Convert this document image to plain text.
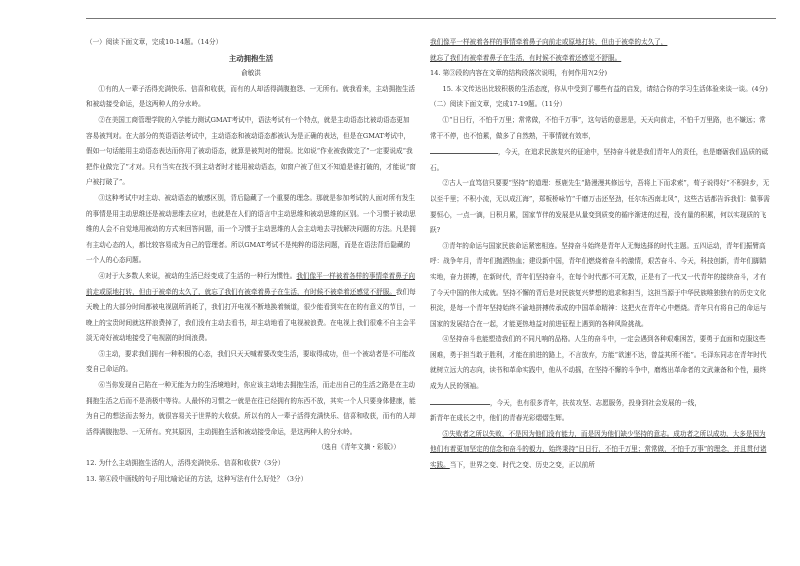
（一）阅读下面文章，完成10-14题。（14分）

主动拥抱生活

俞敏洪

①有的人一辈子活得充满快乐、信喜和收获，而有的人却活得满腹抱怨、一无所有。就我看来，主动拥抱生活和被动接受命运，是这两种人的分水岭。

②在美国工商管理学院的入学能力测试GMAT考试中，语法考试有一个特点，就是主动语态比被动语态更加容易被判对。在大部分的英语语法考试中，主动语态和被动语态都被认为是正确的表达，但是在GMAT考试中，假如一句话能用主动语态表达而你用了被动语态，就算是被判对的错误。比如说“作业被我做完了”一定要说成“我把作业做完了”才对。只有当实在找不到主动者时才能用被动语态，如窗户被了但又不知道是谁打破的，才能说“窗户被打破了”。

③这种考试中对主动、被动语态的敏感区别，背后隐藏了一个重要的理念。那就是参加考试的人面对所有发生的事情是用主动思维还是被动思维去应对，也就是在人们的语言中主动思维和被动思维的区别。一个习惯于被动思维的人会不自觉地用被动的方式来回答问题，而一个习惯于主动思维的人会主动地去寻找解决问题的方法。凡是拥有主动心态的人，都比较容易成为自己的管理者。所以GMAT考试不是纯粹的语法问题，而是在语法背后隐藏的一个人的心态问题。

④对于大多数人来说，被动的生活已经变成了生活的一种行为惯性。我们像平一样被着各样的事情牵着鼻子向前走或原地打转，但由于被牵的太久了，就忘了我们有被牵着鼻子在生活，有时候不被牵着还感觉不舒服。我们每天晚上的大部分时间都被电视剧所消耗了，我们打开电视不断地换着频道，很少能看到实在在的有意义的节目，一晚上的宝贵时间就这样浪费掉了，我们没有主动去看书，却主动地看了电视被浪费。在电视上我们很难不自主会平淡无奇好被动地接受了电视剧的时间浪费。

⑤主动，要求我们拥有一种积极的心态，我们只天天喊着要改变生活，要取得成功，但一个被动者是不可能改变自己命运的。

⑥当你发现自己陷在一种无能为力的生活境地时，你应该主动地去拥抱生活，而走出自己的生活之路是在主动拥抱生活之后而不是消极中等待。人最怀的习惯之一就是在往已经拥有的东西不放，其实一个人只要身体健康，能为自己的想法而去努力，就很容易关于世界的大收获。所以有的人一辈子活得充满快乐、信喜和收获，而有的人却活得满腹抱怨、一无所有。究其原因，主动拥抱生活和被动接受命运，是这两种人的分水岭。

（选自《青年文摘・彩版》）

12. 为什么主动拥抱生活的人，活得充满快乐、信喜和收获?（3分）

13. 第④段中画线的句子用比喻论证的方法，这种写法有什么好处？（3分）

我们像平一样被着各样的事情牵着鼻子向前走或原地打转，但由于被牵的太久了，

就忘了我们有被牵着鼻子在生活，有时候不被牵着还感觉不舒服。

14. 第③段的内容在文章的结构段落次说明，有何作用?(2分)

15. 本文传达出比较积极的生活态度，你从中受到了哪些有益的启发，请结合你的学习生活体验来谈一谈。(4分)

（二）阅读下面文章，完成17-19题。（11分）

①“日日行，不怕千万里；常常做，不怕千万事”，这句话的意思是，天天向前走，不怕千万里路，也不嫌远；常常干不停，也不怕累，做多了自然熟，干事情就有效率，

，今天，在追求民族复兴的征途中，坚持奋斗就是我们青年人的责任，也是磨砺我们品质的砥石。

②古人一直笃信只要要“坚持”的道理：蔡鹿先生“路漫漫其修远兮，吾将上下而求索”，荀子说得好“不积跬步，无以至千里；不积小流，无以成江海”，郑板桥咏竹“千磨万击还坚劲，任尔东西南北风”，这些古话都告诉我们：做事需要恒心，一点一滴，日积月累，国家节伴的发展是从量变到质变的循序渐进的过程，没有量的积累，何以实现质的飞跃?

③青年的命运与国家民族命运紧密相连。坚持奋斗始终是青年人无悔选择的时代主题。五四运动，青年们振臂高呼：战争年月，青年们抛洒热血；建设新中国，青年们燃烧着奋斗的激情，艰苦奋斗、今天，科技创新，青年们脚踏实地，奋力拼搏，在新时代，青年们坚持奋斗，在每个时代都不可无数，正是有了一代又一代青年的接续奋斗，才有了今天中国的伟大成就。坚持不懈的背后是对民族复兴梦想的追求和担当，这担当源于中华民族唯独独有的历史文化积淀，是每一个青年坚持始终不渝地拼搏传承成的中国革命精神：这把火在青年心中燃烧。青年只有将自己的命运与国家的发展结合在一起，才能更热地益对前进征程上遇到的各种风险挑战。

④坚持奋斗也能塑造我们的不同凡响的品格。人生的奋斗中，一定会遇到各种艰难困苦，要勇于直面和克服这些困难，勇于担当敢于胜利，才能在前进的路上，不言放弃，方能“欲速不达，曾益其所不能”。毛泽东同志在青年时代就树立远大的志向，读书和革命实践中，他从不动摇，在坚持不懈的斗争中，磨炼出革命者的文武兼备和个性，最终成为人民的领袖。

，今天，也有很多青年，扶贫攻坚、志愿服务，投身到社会发展的一线，

新青年在成长之中，他们的青春光彩熠熠生辉。

⑤失败者之所以失败，不是因为他们没有能力，而是因为他们缺少坚持的意志。成功者之所以成功，大多是因为他们有着更加坚定的信念和奋斗的毅力，始终秉持“日日行，不怕千万里；常常做，不怕千万事”的理念，并且贯付诸实践。当下，世界之变、时代之变、历史之变，正以前所
